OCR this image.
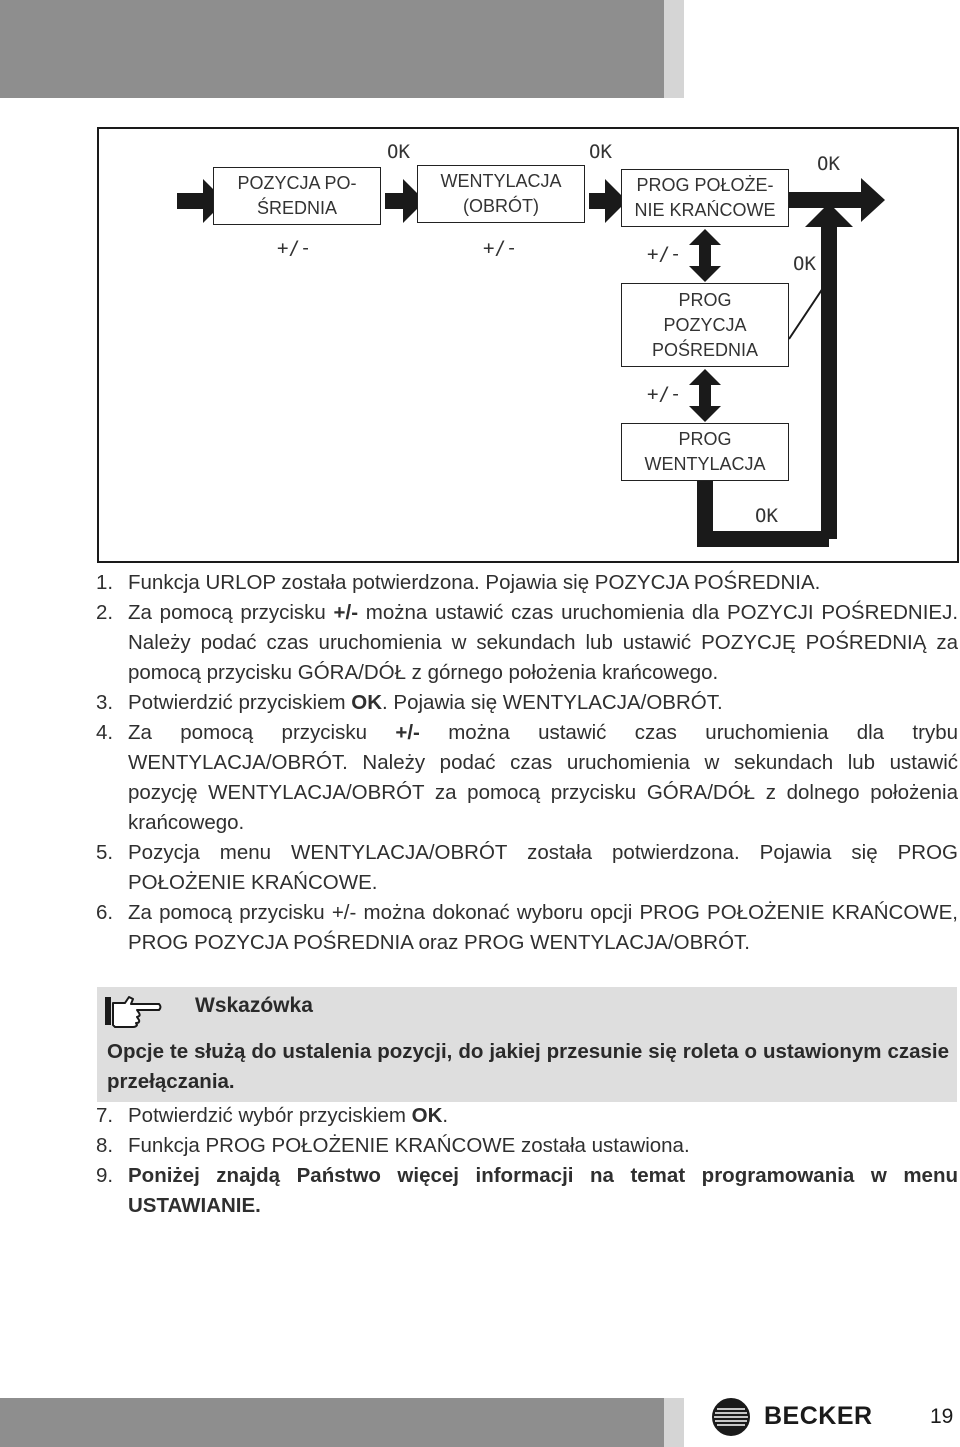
POZYCJA PO-
ŚREDNIA
WENTYLACJA
(OBRÓT)
PROG POŁOŻE-
NIE KRAŃCOWE
PROG
POZYCJA
POŚREDNIA
PROG
WENTYLACJA
OK	OK
OK
OK
OK
+/-	+/-	+/-
+/-
1. Funkcja URLOP została potwierdzona. Pojawia się POZYCJA POŚREDNIA.
2. Za pomocą przycisku +/- można ustawić czas uruchomienia dla POZYCJI POŚREDNIEJ. Należy podać czas uruchomienia w sekundach lub ustawić POZYCJĘ POŚREDNIĄ za pomocą przycisku GÓRA/DÓŁ z górnego położenia krańcowego.
3. Potwierdzić przyciskiem OK. Pojawia się WENTYLACJA/OBRÓT.
4. Za pomocą przycisku +/- można ustawić czas uruchomienia dla trybu WENTYLACJA/OBRÓT. Należy podać czas uruchomienia w sekundach lub ustawić pozycję WENTYLACJA/OBRÓT za pomocą przycisku GÓRA/DÓŁ z dolnego położenia krańcowego.
5. Pozycja menu WENTYLACJA/OBRÓT została potwierdzona. Pojawia się PROG POŁOŻENIE KRAŃCOWE.
6. Za pomocą przycisku +/- można dokonać wyboru opcji PROG POŁOŻENIE KRAŃCOWE, PROG POZYCJA POŚREDNIA oraz PROG WENTYLACJA/OBRÓT.
Wskazówka
Opcje te służą do ustalenia pozycji, do jakiej przesunie się roleta o ustawionym czasie przełączania.
7. Potwierdzić wybór przyciskiem OK.
8. Funkcja PROG POŁOŻENIE KRAŃCOWE została ustawiona.
9. Poniżej znajdą Państwo więcej informacji na temat programowania w menu USTAWIANIE.
BECKER	19
